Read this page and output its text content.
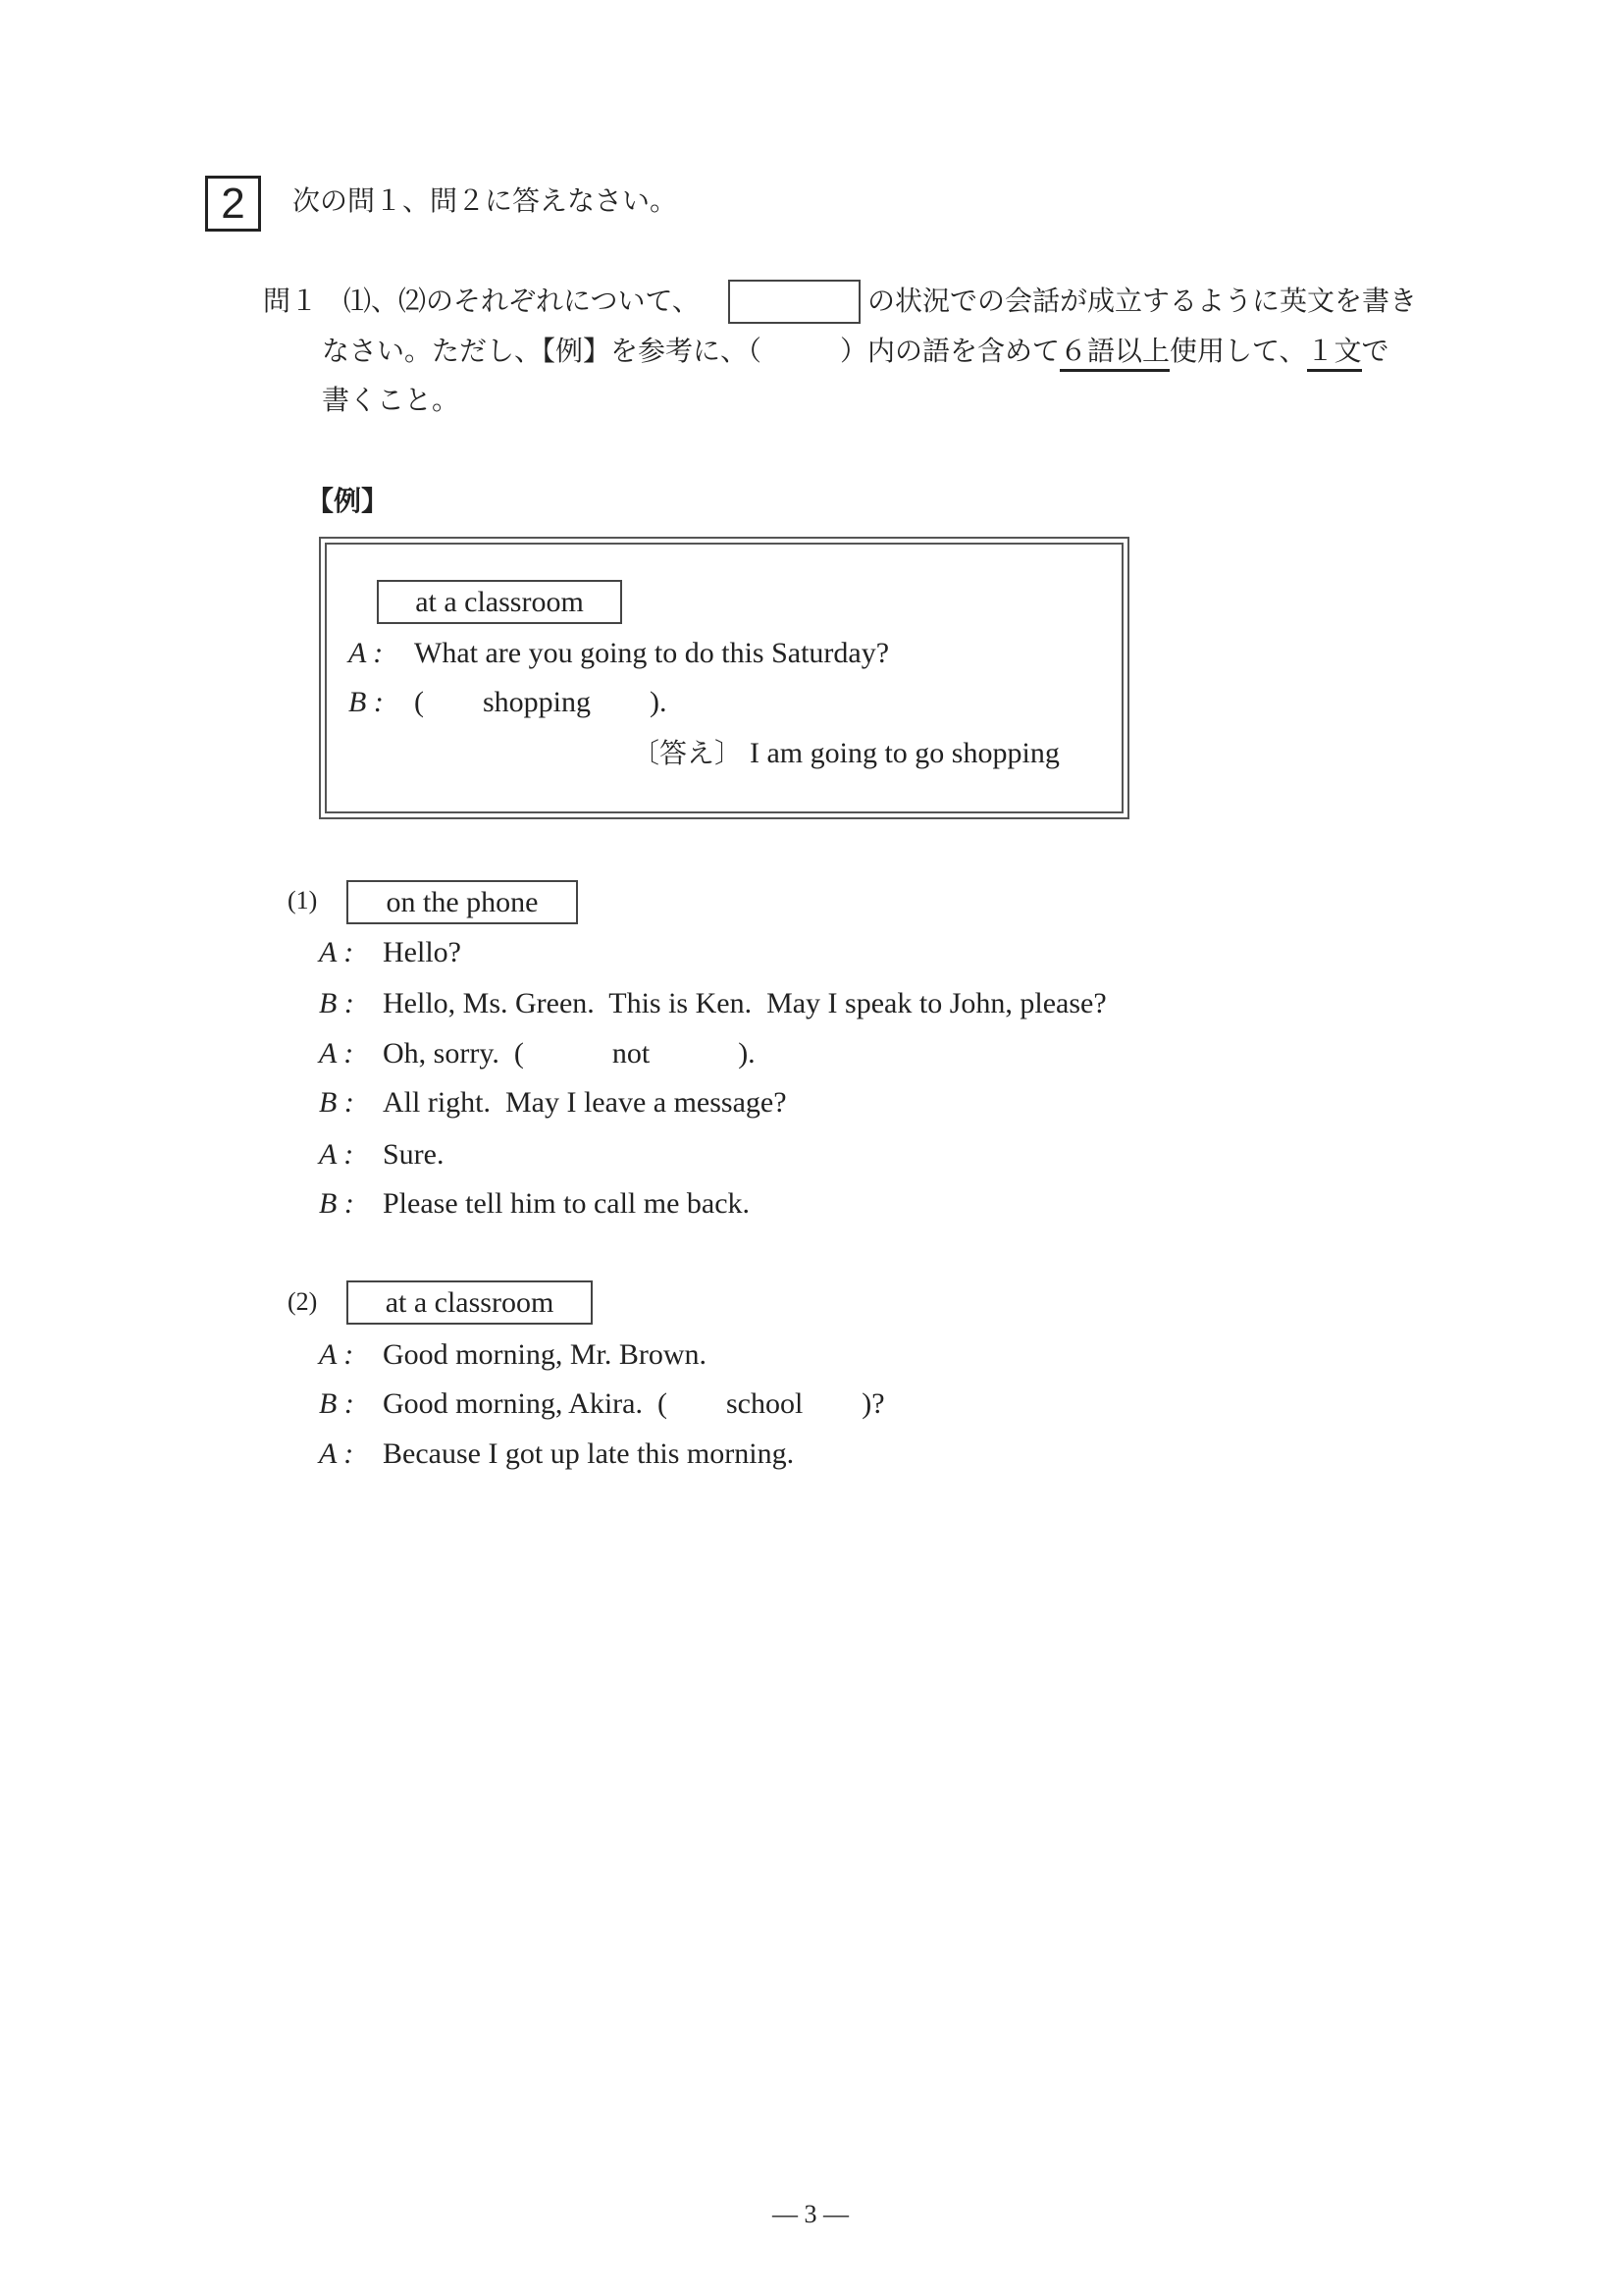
2	次の問１、問２に答えなさい。
問１ ⑴、⑵のそれぞれについて、	の状況での会話が成立するように英文を書き
なさい。ただし、【例】を参考に、（	）内の語を含めて６語以上使用して、１文で
書くこと。
【例】
at a classroom
A : What are you going to do this Saturday?
B : (　　shopping　　).
〔答え〕 I am going to go shopping
(1)	on the phone
A : Hello?
B : Hello, Ms. Green.  This is Ken.  May I speak to John, please?
A : Oh, sorry.  (　　　not　　　).
B : All right.  May I leave a message?
A : Sure.
B : Please tell him to call me back.
(2)	at a classroom
A : Good morning, Mr. Brown.
B : Good morning, Akira.  (　　school　　)?
A : Because I got up late this morning.
— 3 —
